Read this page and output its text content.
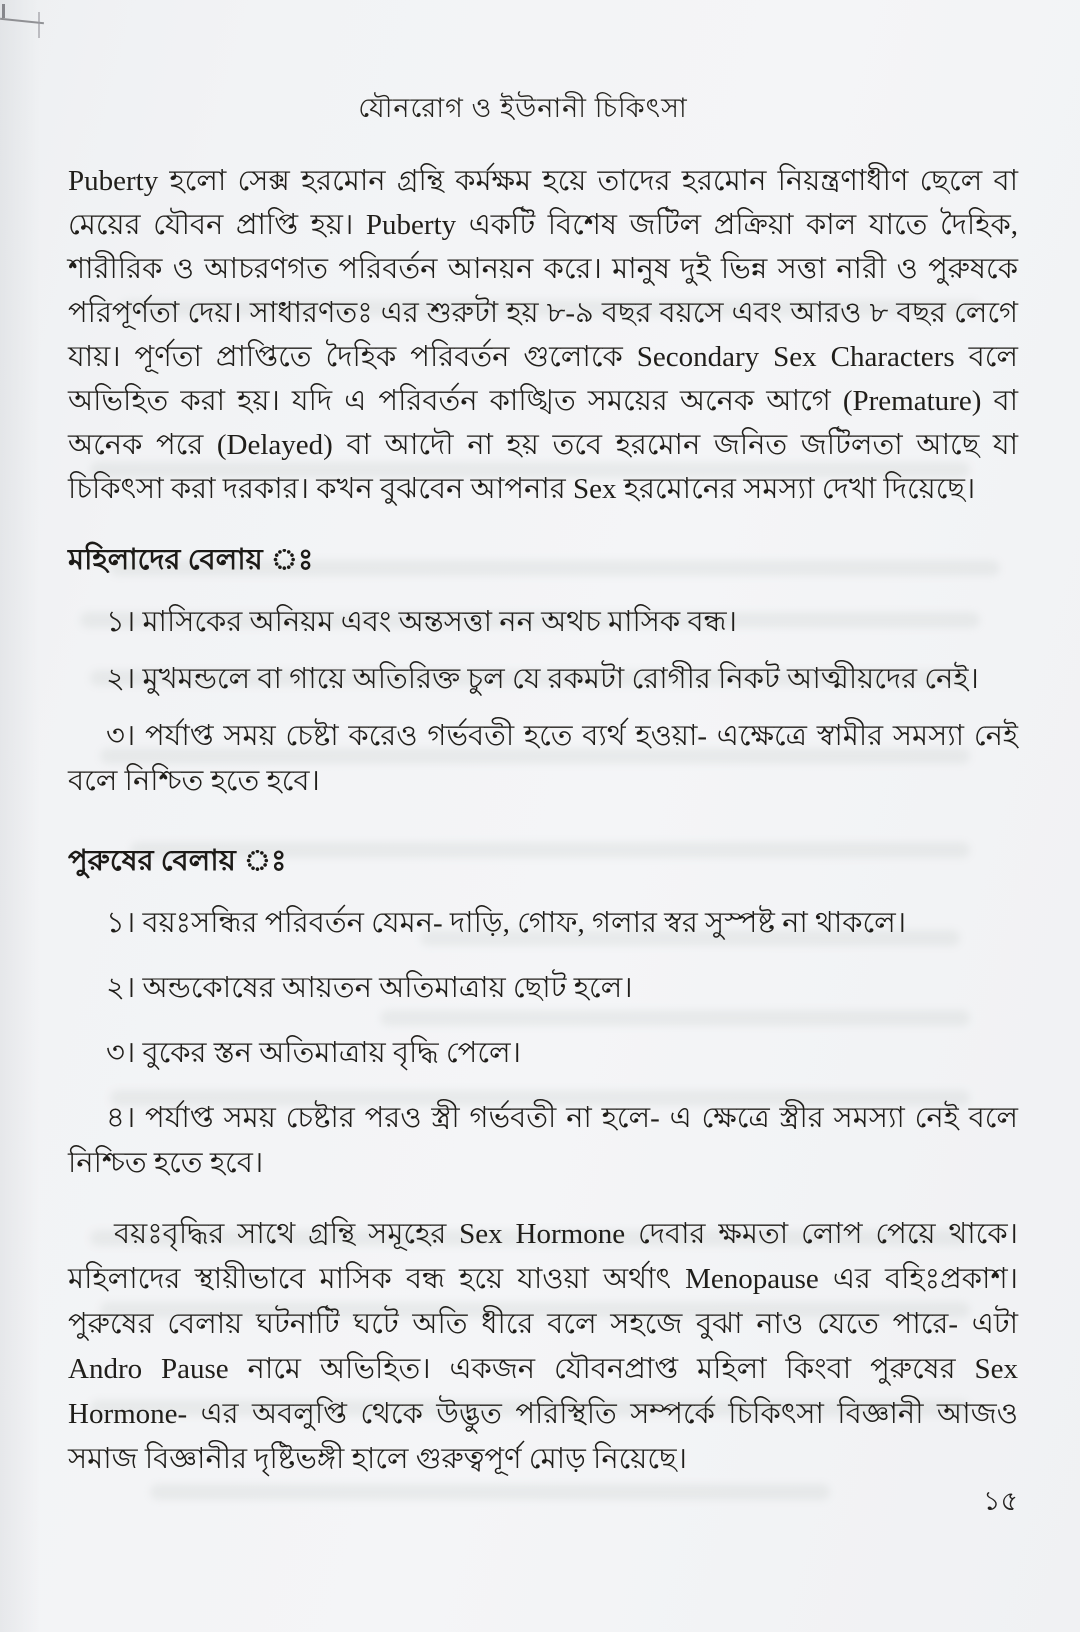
যৌনরোগ ও ইউনানী চিকিৎসা

Puberty হলো সেক্স হরমোন গ্রন্থি কর্মক্ষম হয়ে তাদের হরমোন নিয়ন্ত্রণাধীণ ছেলে বা মেয়ের যৌবন প্রাপ্তি হয়। Puberty একটি বিশেষ জটিল প্রক্রিয়া কাল যাতে দৈহিক, শারীরিক ও আচরণগত পরিবর্তন আনয়ন করে। মানুষ দুই ভিন্ন সত্তা নারী ও পুরুষকে পরিপূর্ণতা দেয়। সাধারণতঃ এর শুরুটা হয় ৮-৯ বছর বয়সে এবং আরও ৮ বছর লেগে যায়। পূর্ণতা প্রাপ্তিতে দৈহিক পরিবর্তন গুলোকে Secondary Sex Characters বলে অভিহিত করা হয়। যদি এ পরিবর্তন কাঙ্খিত সময়ের অনেক আগে (Premature) বা অনেক পরে (Delayed) বা আদৌ না হয় তবে হরমোন জনিত জটিলতা আছে যা চিকিৎসা করা দরকার। কখন বুঝবেন আপনার Sex হরমোনের সমস্যা দেখা দিয়েছে।

মহিলাদের বেলায় ঃ

১। মাসিকের অনিয়ম এবং অন্তসত্তা নন অথচ মাসিক বন্ধ।

২। মুখমন্ডলে বা গায়ে অতিরিক্ত চুল যে রকমটা রোগীর নিকট আত্মীয়দের নেই।

৩। পর্যাপ্ত সময় চেষ্টা করেও গর্ভবতী হতে ব্যর্থ হওয়া- এক্ষেত্রে স্বামীর সমস্যা নেই বলে নিশ্চিত হতে হবে।

পুরুষের বেলায় ঃ

১। বয়ঃসন্ধির পরিবর্তন যেমন- দাড়ি, গোফ, গলার স্বর সুস্পষ্ট না থাকলে।

২। অন্ডকোষের আয়তন অতিমাত্রায় ছোট হলে।

৩। বুকের স্তন অতিমাত্রায় বৃদ্ধি পেলে।

৪। পর্যাপ্ত সময় চেষ্টার পরও স্ত্রী গর্ভবতী না হলে- এ ক্ষেত্রে স্ত্রীর সমস্যা নেই বলে নিশ্চিত হতে হবে।

বয়ঃবৃদ্ধির সাথে গ্রন্থি সমূহের Sex Hormone দেবার ক্ষমতা লোপ পেয়ে থাকে। মহিলাদের স্থায়ীভাবে মাসিক বন্ধ হয়ে যাওয়া অর্থাৎ Menopause এর বহিঃপ্রকাশ। পুরুষের বেলায় ঘটনাটি ঘটে অতি ধীরে বলে সহজে বুঝা নাও যেতে পারে- এটা Andro Pause নামে অভিহিত। একজন যৌবনপ্রাপ্ত মহিলা কিংবা পুরুষের Sex Hormone- এর অবলুপ্তি থেকে উদ্ভুত পরিস্থিতি সম্পর্কে চিকিৎসা বিজ্ঞানী আজও সমাজ বিজ্ঞানীর দৃষ্টিভঙ্গী হালে গুরুত্বপূর্ণ মোড় নিয়েছে।

১৫
